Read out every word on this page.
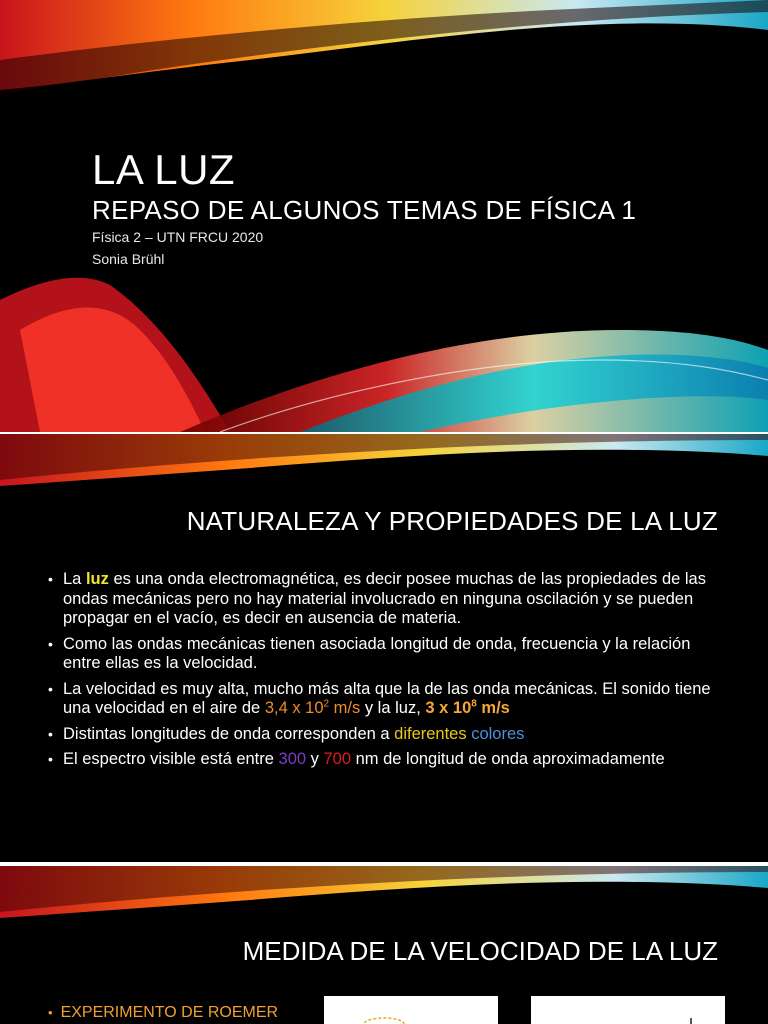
LA LUZ
REPASO DE ALGUNOS TEMAS DE FÍSICA 1
Física 2 – UTN FRCU 2020
Sonia Brühl
NATURALEZA Y PROPIEDADES DE LA LUZ
• La luz es una onda electromagnética, es decir posee muchas de las propiedades de las ondas mecánicas pero no hay material involucrado en ninguna oscilación y se pueden propagar en el vacío, es decir en ausencia de materia.
• Como las ondas mecánicas tienen asociada longitud de onda, frecuencia y la relación entre ellas es la velocidad.
• La velocidad es muy alta, mucho más alta que la de las onda mecánicas. El sonido tiene una velocidad en el aire de 3,4 x $10^2$ m/s y la luz, 3 x $10^8$ m/s
• Distintas longitudes de onda corresponden a diferentes colores
• El espectro visible está entre 300 y 700 nm de longitud de onda aproximadamente
MEDIDA DE LA VELOCIDAD DE LA LUZ
• EXPERIMENTO DE ROEMER
